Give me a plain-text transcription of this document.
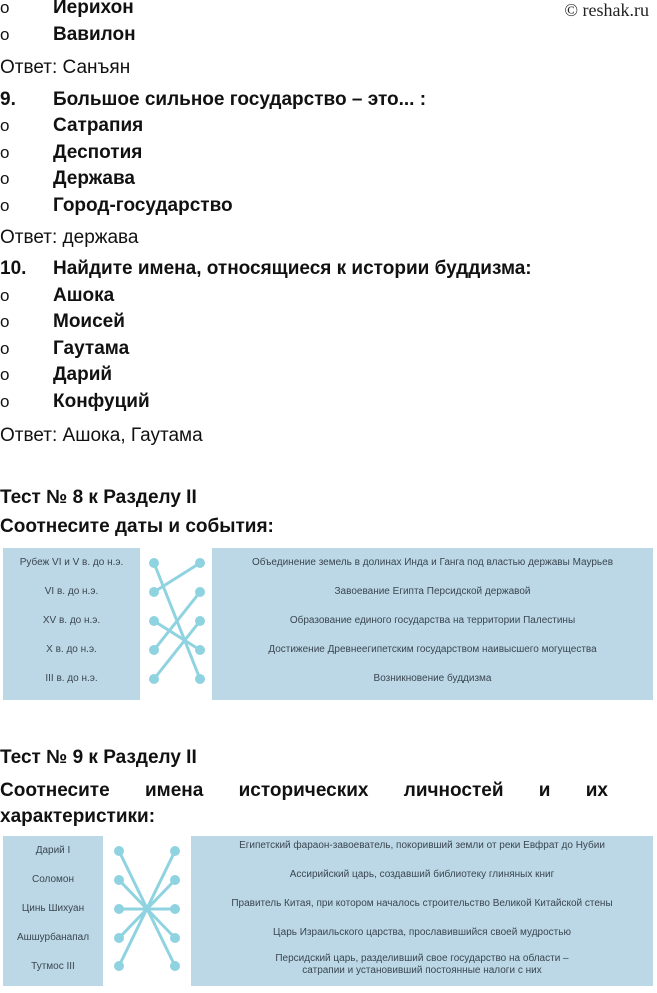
© reshak.ru
o Иерихон
o Вавилон
Ответ: Санъян
9. Большое сильное государство – это... :
o Сатрапия
o Деспотия
o Держава
o Город-государство
Ответ: держава
10. Найдите имена, относящиеся к истории буддизма:
o Ашока
o Моисей
o Гаутама
o Дарий
o Конфуций
Ответ: Ашока, Гаутама
Тест № 8 к Разделу II
Соотнесите даты и события:
Рубеж VI и V в. до н.э.
VI в. до н.э.
XV в. до н.э.
X в. до н.э.
III в. до н.э.
Объединение земель в долинах Инда и Ганга под властью державы Маурьев
Завоевание Египта Персидской державой
Образование единого государства на территории Палестины
Достижение Древнеегипетским государством наивысшего могущества
Возникновение буддизма
Тест № 9 к Разделу II
Соотнесите имена исторических личностей и их
характеристики:
Дарий I
Соломон
Цинь Шихуан
Ашшурбанапал
Тутмос III
Египетский фараон-завоеватель, покоривший земли от реки Евфрат до Нубии
Ассирийский царь, создавший библиотеку глиняных книг
Правитель Китая, при котором началось строительство Великой Китайской стены
Царь Израильского царства, прославившийся своей мудростью
Персидский царь, разделивший свое государство на области – сатрапии и установивший постоянные налоги с них
